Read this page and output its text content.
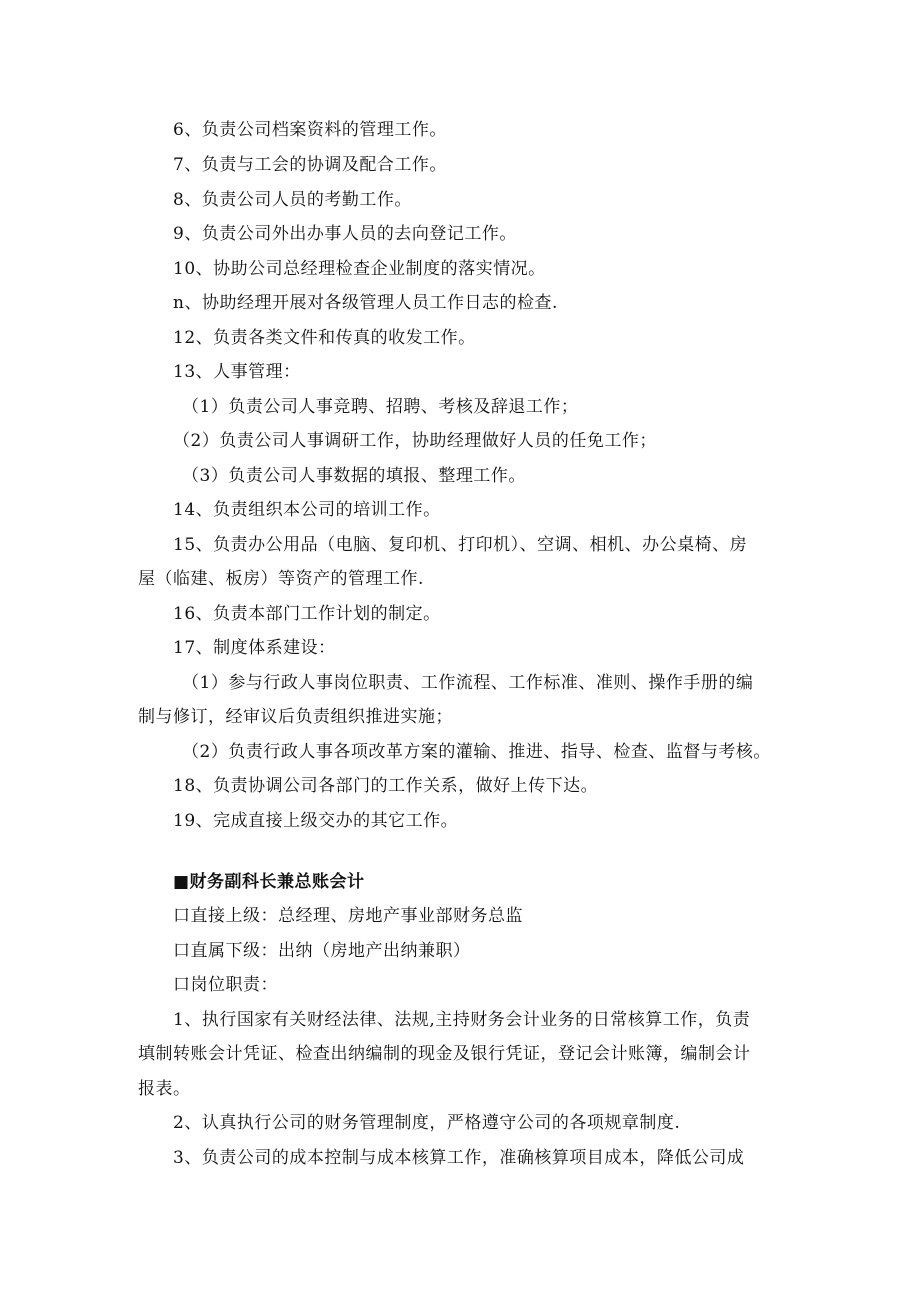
6、负责公司档案资料的管理工作。
7、负责与工会的协调及配合工作。
8、负责公司人员的考勤工作。
9、负责公司外出办事人员的去向登记工作。
10、协助公司总经理检查企业制度的落实情况。
n、协助经理开展对各级管理人员工作日志的检查.
12、负责各类文件和传真的收发工作。
13、人事管理：
（1）负责公司人事竞聘、招聘、考核及辞退工作；
（2）负责公司人事调研工作，协助经理做好人员的任免工作；
（3）负责公司人事数据的填报、整理工作。
14、负责组织本公司的培训工作。
15、负责办公用品（电脑、复印机、打印机）、空调、相机、办公桌椅、房
屋（临建、板房）等资产的管理工作.
16、负责本部门工作计划的制定。
17、制度体系建设：
（1）参与行政人事岗位职责、工作流程、工作标准、准则、操作手册的编
制与修订，经审议后负责组织推进实施；
（2）负责行政人事各项改革方案的灌输、推进、指导、检查、监督与考核。
18、负责协调公司各部门的工作关系，做好上传下达。
19、完成直接上级交办的其它工作。
■财务副科长兼总账会计
口直接上级：总经理、房地产事业部财务总监
口直属下级：出纳（房地产出纳兼职）
口岗位职责：
1、执行国家有关财经法律、法规,主持财务会计业务的日常核算工作，负责
填制转账会计凭证、检查出纳编制的现金及银行凭证，登记会计账簿，编制会计
报表。
2、认真执行公司的财务管理制度，严格遵守公司的各项规章制度.
3、负责公司的成本控制与成本核算工作，准确核算项目成本，降低公司成
